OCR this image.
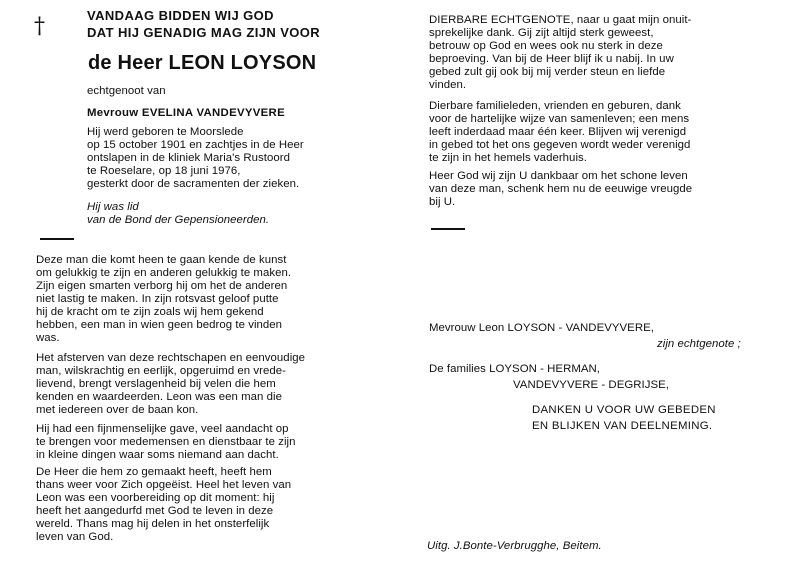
†	VANDAAG BIDDEN WIJ GOD
DAT HIJ GENADIG MAG ZIJN VOOR
de Heer LEON LOYSON
echtgenoot van
Mevrouw EVELINA VANDEVYVERE
Hij werd geboren te Moorslede
op 15 october 1901 en zachtjes in de Heer
ontslapen in de kliniek Maria's Rustoord
te Roeselare, op 18 juni 1976,
gesterkt door de sacramenten der zieken.
Hij was lid
van de Bond der Gepensioneerden.
Deze man die komt heen te gaan kende de kunst
om gelukkig te zijn en anderen gelukkig te maken.
Zijn eigen smarten verborg hij om het de anderen
niet lastig te maken. In zijn rotsvast geloof putte
hij de kracht om te zijn zoals wij hem gekend
hebben, een man in wien geen bedrog te vinden
was.
Het afsterven van deze rechtschapen en eenvoudige
man, wilskrachtig en eerlijk, opgeruimd en vrede-
lievend, brengt verslagenheid bij velen die hem
kenden en waardeerden. Leon was een man die
met iedereen over de baan kon.
Hij had een fijnmenselijke gave, veel aandacht op
te brengen voor medemensen en dienstbaar te zijn
in kleine dingen waar soms niemand aan dacht.
De Heer die hem zo gemaakt heeft, heeft hem
thans weer voor Zich opgeëist. Heel het leven van
Leon was een voorbereiding op dit moment: hij
heeft het aangedurfd met God te leven in deze
wereld. Thans mag hij delen in het onsterfelijk
leven van God.
DIERBARE ECHTGENOTE, naar u gaat mijn onuit-
sprekelijke dank. Gij zijt altijd sterk geweest,
betrouw op God en wees ook nu sterk in deze
beproeving. Van bij de Heer blijf ik u nabij. In uw
gebed zult gij ook bij mij verder steun en liefde
vinden.
Dierbare familieleden, vrienden en geburen, dank
voor de hartelijke wijze van samenleven; een mens
leeft inderdaad maar één keer. Blijven wij verenigd
in gebed tot het ons gegeven wordt weder verenigd
te zijn in het hemels vaderhuis.
Heer God wij zijn U dankbaar om het schone leven
van deze man, schenk hem nu de eeuwige vreugde
bij U.
Mevrouw Leon LOYSON - VANDEVYVERE,
zijn echtgenote ;
De families LOYSON - HERMAN,
VANDEVYVERE - DEGRIJSE,
DANKEN U VOOR UW GEBEDEN
EN BLIJKEN VAN DEELNEMING.
Uitg. J.Bonte-Verbrugghe, Beitem.
